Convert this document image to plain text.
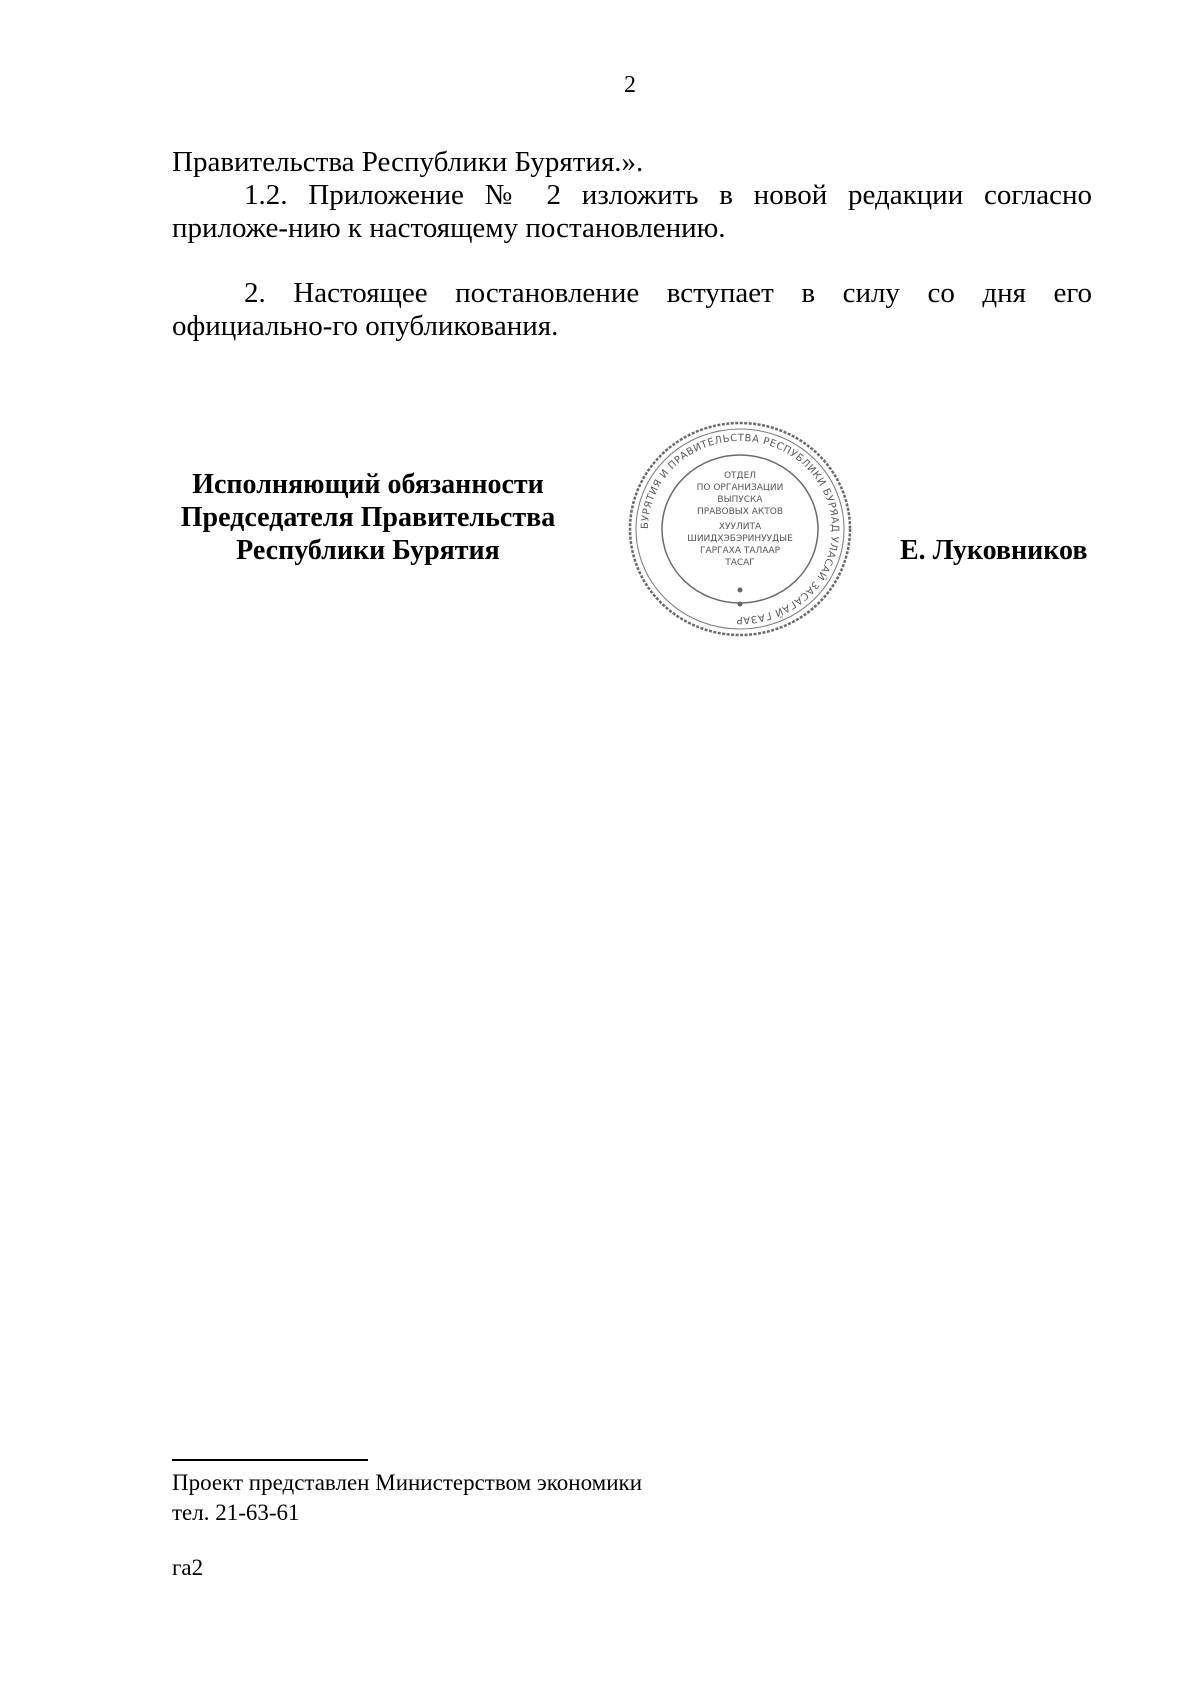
2
Правительства Республики Бурятия.».
1.2. Приложение № 2 изложить в новой редакции согласно приложе-нию к настоящему постановлению.
2. Настоящее постановление вступает в силу со дня его официально-го опубликования.
Исполняющий обязанности
Председателя Правительства
Республики Бурятия
БУРЯТИЯ И ПРАВИТЕЛЬСТВА РЕСПУБЛИКИ БУРЯАД УЛАСАЙ ЗАСАГАЙ ГАЗАР
ОТДЕЛ
ПО ОРГАНИЗАЦИИ
ВЫПУСКА
ПРАВОВЫХ АКТОВ
ХУУЛИТА
ШИИДХЭБЭРИНУУДЫЕ
ГАРГАХА ТАЛААР
ТАСАГ	Е. Луковников
Проект представлен Министерством экономики
тел. 21-63-61
га2
